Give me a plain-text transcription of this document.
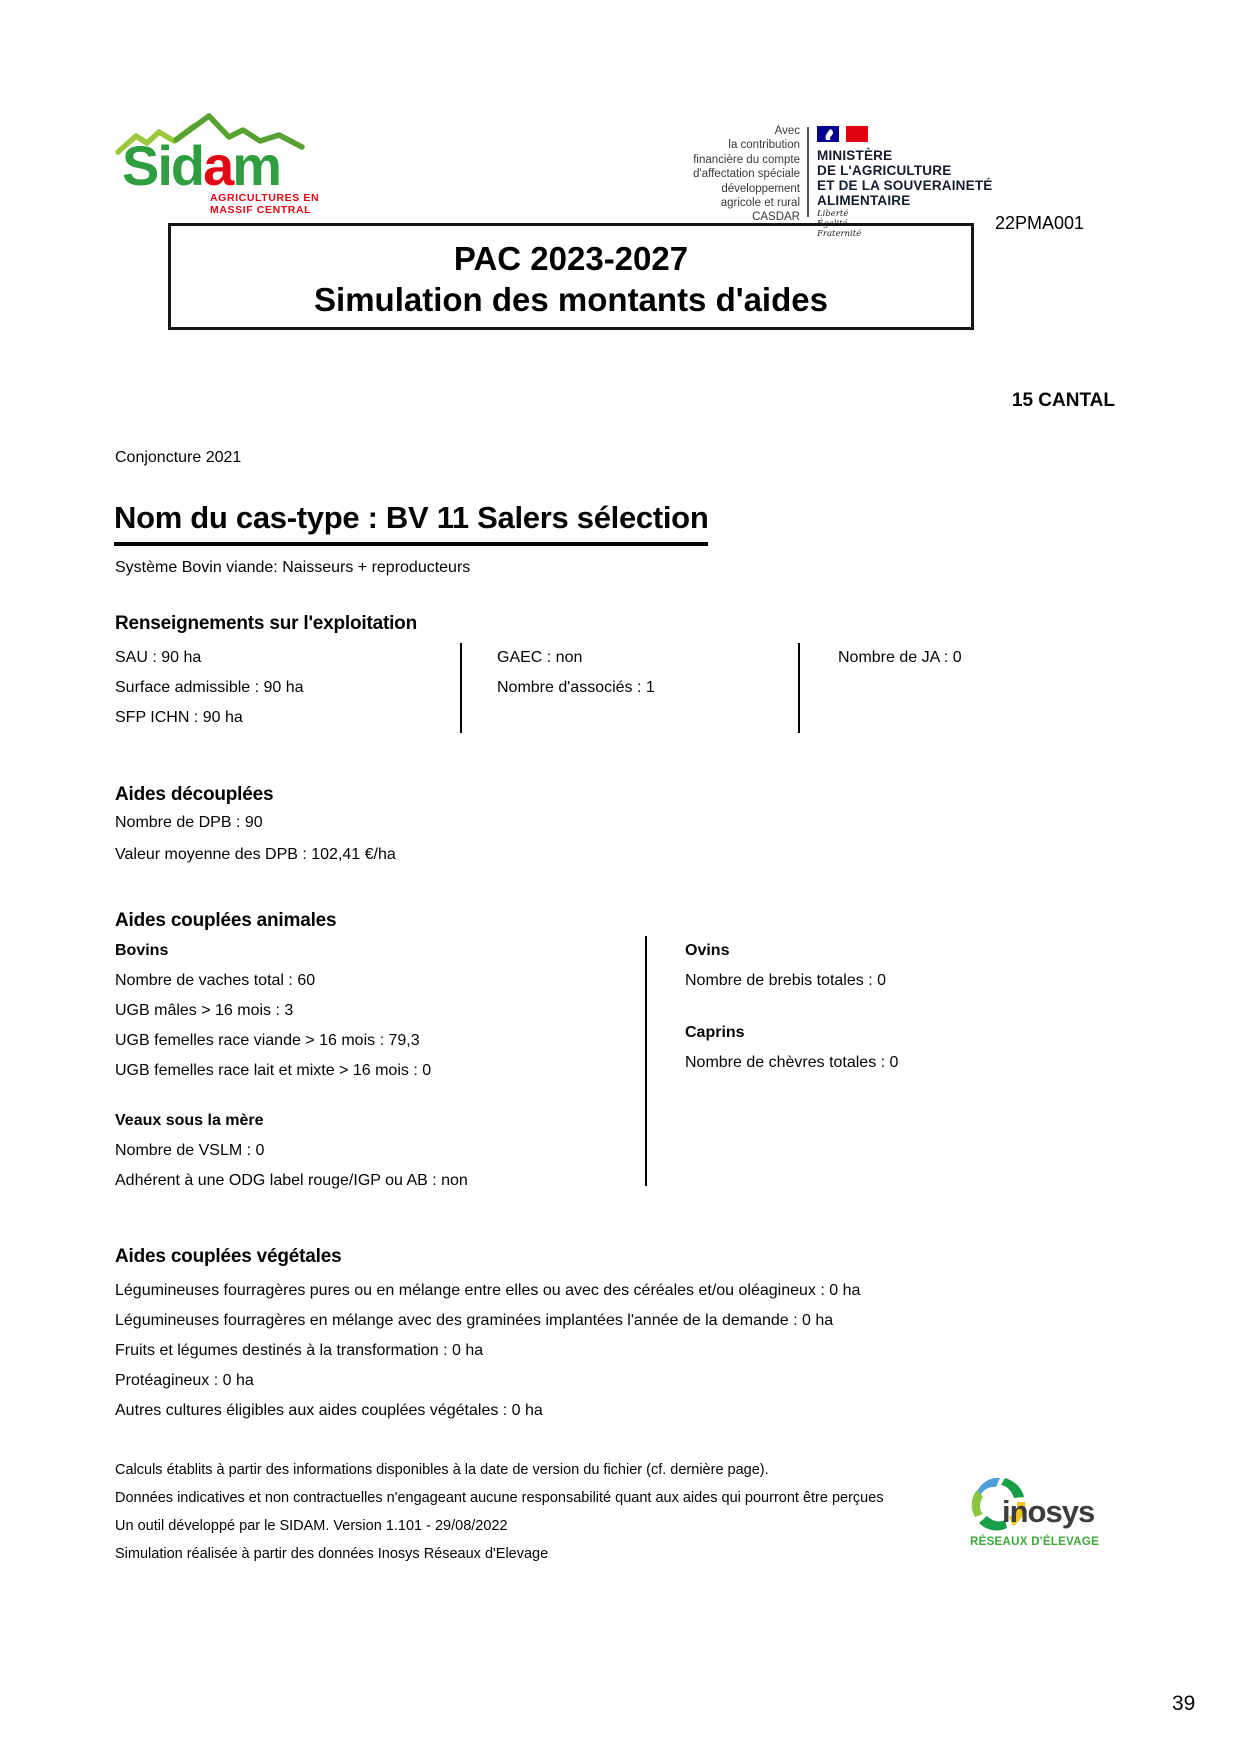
Sidam
AGRICULTURES EN
MASSIF CENTRAL
Avec
la contribution
financière du compte
d'affectation spéciale
développement
agricole et rural
CASDAR
MINISTÈRE
DE L'AGRICULTURE
ET DE LA SOUVERAINETÉ
ALIMENTAIRE
Liberté
Égalité
Fraternité
22PMA001
PAC 2023-2027
Simulation des montants d'aides
15 CANTAL
Conjoncture 2021
Nom du cas-type : BV 11 Salers sélection
Système Bovin viande: Naisseurs + reproducteurs
Renseignements sur l'exploitation
SAU : 90 ha
Surface admissible : 90 ha
SFP ICHN : 90 ha
GAEC : non
Nombre d'associés : 1
Nombre de JA : 0
Aides découplées
Nombre de DPB : 90
Valeur moyenne des DPB : 102,41 €/ha
Aides couplées animales
Bovins
Nombre de vaches total : 60
UGB mâles > 16 mois : 3
UGB femelles race viande > 16 mois : 79,3
UGB femelles race lait et mixte > 16 mois : 0
Veaux sous la mère
Nombre de VSLM : 0
Adhérent à une ODG label rouge/IGP ou AB : non
Ovins
Nombre de brebis totales : 0
Caprins
Nombre de chèvres totales : 0
Aides couplées végétales
Légumineuses fourragères pures ou en mélange entre elles ou avec des céréales et/ou oléagineux : 0 ha
Légumineuses fourragères en mélange avec des graminées implantées l'année de la demande : 0 ha
Fruits et légumes destinés à la transformation : 0 ha
Protéagineux : 0 ha
Autres cultures éligibles aux aides couplées végétales : 0 ha
Calculs établits à partir des informations disponibles à la date de version du fichier (cf. dernière page).
Données indicatives et non contractuelles n'engageant aucune responsabilité quant aux aides qui pourront être perçues
Un outil développé par le SIDAM. Version 1.101 - 29/08/2022
Simulation réalisée à partir des données Inosys Réseaux d'Elevage
inosys
RÉSEAUX D'ÉLEVAGE
39
